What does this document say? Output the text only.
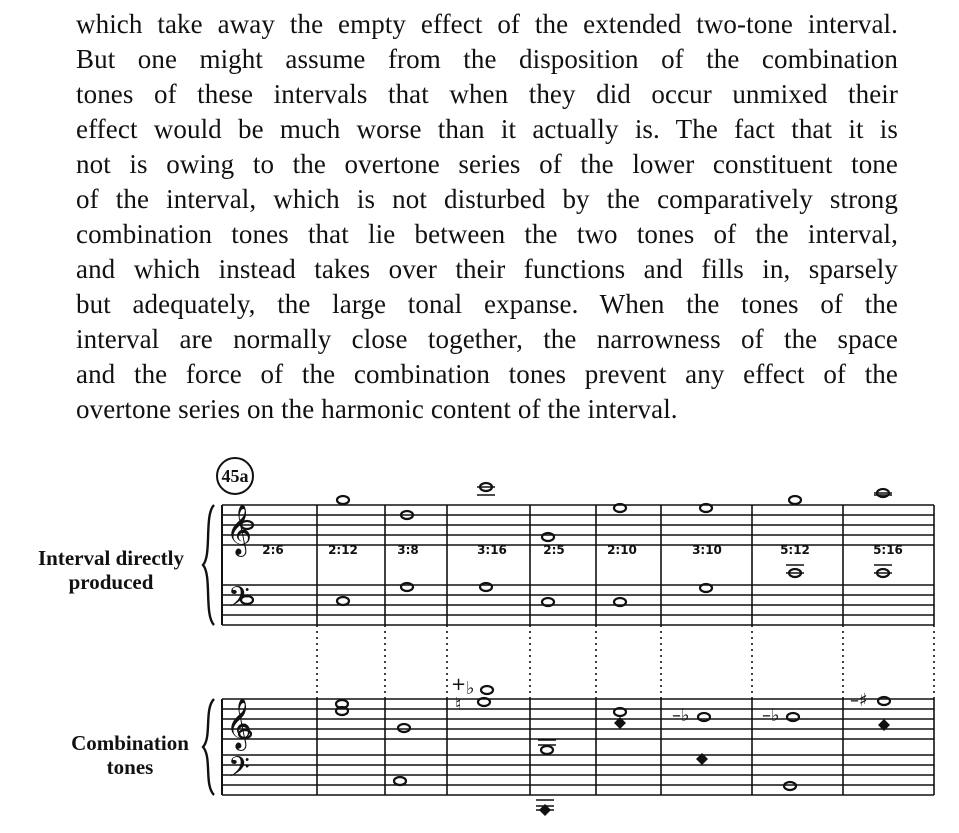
which take away the empty effect of the extended two-tone interval.
But one might assume from the disposition of the combination
tones of these intervals that when they did occur unmixed their
effect would be much worse than it actually is. The fact that it is
not is owing to the overtone series of the lower constituent tone
of the interval, which is not disturbed by the comparatively strong
combination tones that lie between the two tones of the interval,
and which instead takes over their functions and fills in, sparsely
but adequately, the large tonal expanse. When the tones of the
interval are normally close together, the narrowness of the space
and the force of the combination tones prevent any effect of the
overtone series on the harmonic content of the interval.
45a
Interval directly produced
Combination tones
2:6	2:12	3:8	3:16	2:5	2:10	3:10	5:12	5:16
𝄞
𝄢
𝄞
𝄢
+ ♭
♮
–♭	–♭
–♯
